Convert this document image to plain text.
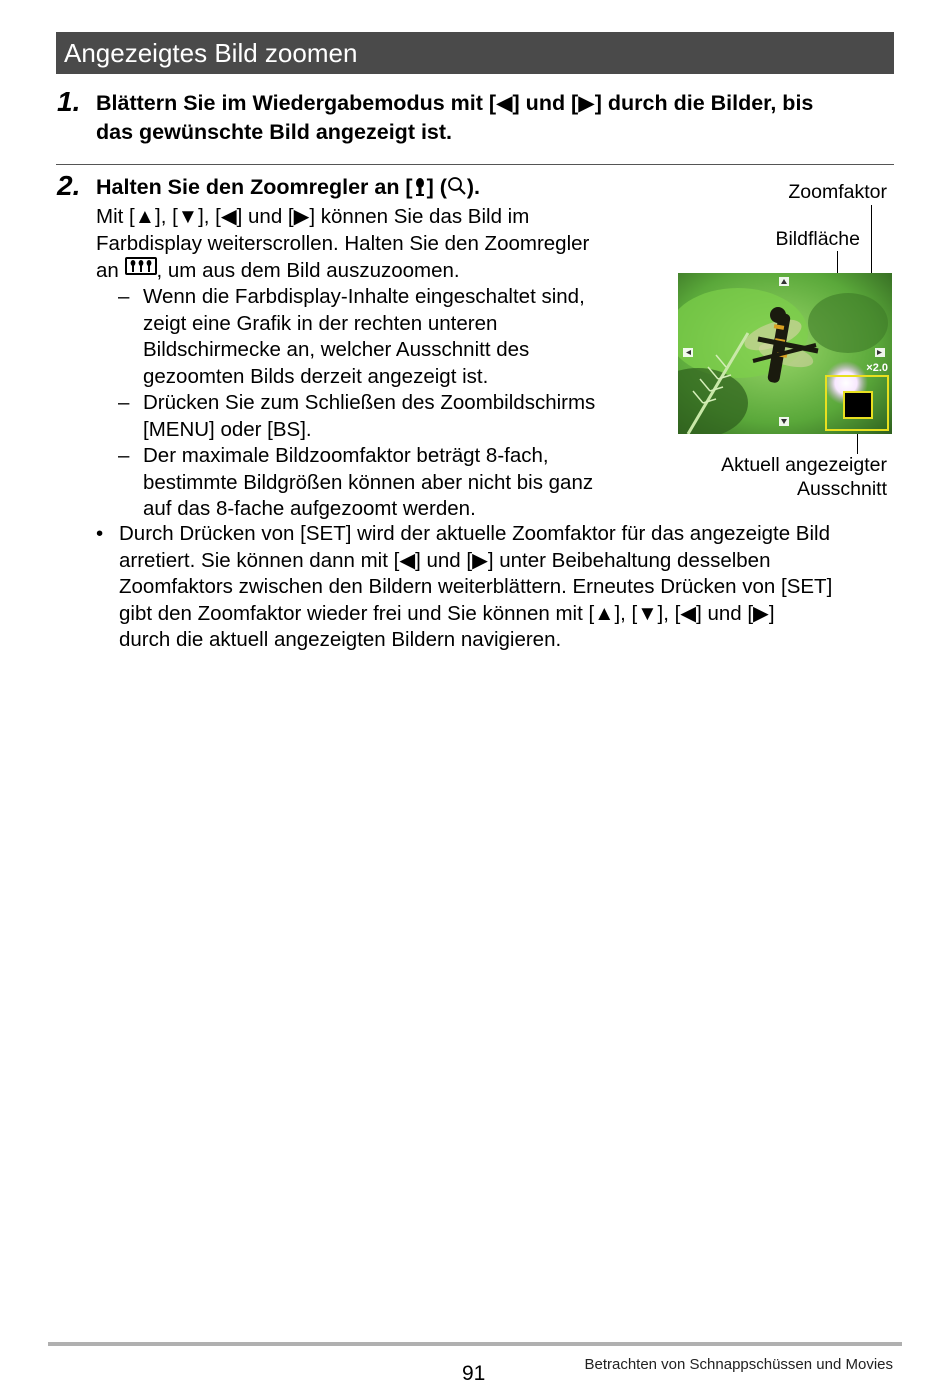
Angezeigtes Bild zoomen
1. Blättern Sie im Wiedergabemodus mit [◀] und [▶] durch die Bilder, bis
das gewünschte Bild angezeigt ist.
2. Halten Sie den Zoomregler an [ ] ( ).
Mit [▲], [▼], [◀] und [▶] können Sie das Bild im
Farbdisplay weiterscrollen. Halten Sie den Zoomregler
an
, um aus dem Bild auszuzoomen.
– Wenn die Farbdisplay-Inhalte eingeschaltet sind,
zeigt eine Grafik in der rechten unteren
Bildschirmecke an, welcher Ausschnitt des
gezoomten Bilds derzeit angezeigt ist.
– Drücken Sie zum Schließen des Zoombildschirms
[MENU] oder [BS].
– Der maximale Bildzoomfaktor beträgt 8-fach,
bestimmte Bildgrößen können aber nicht bis ganz
auf das 8-fache aufgezoomt werden.
• Durch Drücken von [SET] wird der aktuelle Zoomfaktor für das angezeigte Bild
arretiert. Sie können dann mit [◀] und [▶] unter Beibehaltung desselben
Zoomfaktors zwischen den Bildern weiterblättern. Erneutes Drücken von [SET]
gibt den Zoomfaktor wieder frei und Sie können mit [▲], [▼], [◀] und [▶]
durch die aktuell angezeigten Bildern navigieren.
Zoomfaktor
Bildfläche
Aktuell angezeigter
Ausschnitt
×2.0
91	Betrachten von Schnappschüssen und Movies
